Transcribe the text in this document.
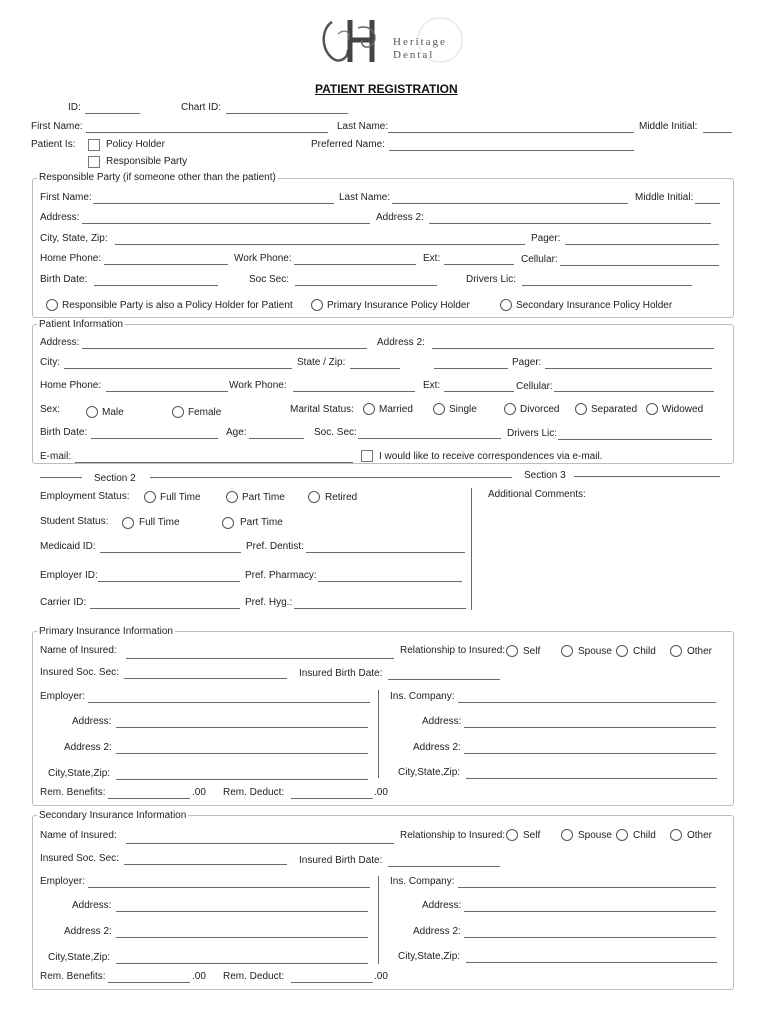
Heritage
Dental
PATIENT REGISTRATION
ID:	Chart ID:
First Name:	Last Name:	Middle Initial:
Patient Is:	Policy Holder
Responsible Party
Preferred Name:
Responsible Party (if someone other than the patient)
First Name:	Last Name:	Middle Initial:
Address:	Address 2:
City, State, Zip:	Pager:
Home Phone:	Work Phone:	Ext:	Cellular:
Birth Date:	Soc Sec:	Drivers Lic:
Responsible Party is also a Policy Holder for Patient	Primary Insurance Policy Holder	Secondary Insurance Policy Holder
Patient Information
Address:	Address 2:
City:	State / Zip:	Pager:
Home Phone:	Work Phone:	Ext:	Cellular:
Sex:	Male	Female	Marital Status:	Married	Single	Divorced	Separated Widowed
Birth Date:	Age:	Soc. Sec:	Drivers Lic:
E-mail:	I would like to receive correspondences via e-mail.
Section 2	Section 3
Additional Comments:
Employment Status:	Full Time	Part Time	Retired
Student Status:	Full Time	Part Time
Medicaid ID:	Pref. Dentist:
Employer ID:	Pref. Pharmacy:
Carrier ID:	Pref. Hyg.:
Primary Insurance Information
Name of Insured:	Relationship to Insured: Self	Spouse Child	Other
Insured Soc. Sec:	Insured Birth Date:
Employer:	Ins. Company:
Address:	Address:
Address 2:	Address 2:
City,State,Zip:	City,State,Zip:
Rem. Benefits:	.00 Rem. Deduct:	.00
Secondary Insurance Information
Name of Insured:	Relationship to Insured: Self	Spouse Child	Other
Insured Soc. Sec:	Insured Birth Date:
Employer:	Ins. Company:
Address:	Address:
Address 2:	Address 2:
City,State,Zip:	City,State,Zip:
Rem. Benefits:	.00 Rem. Deduct:	.00
